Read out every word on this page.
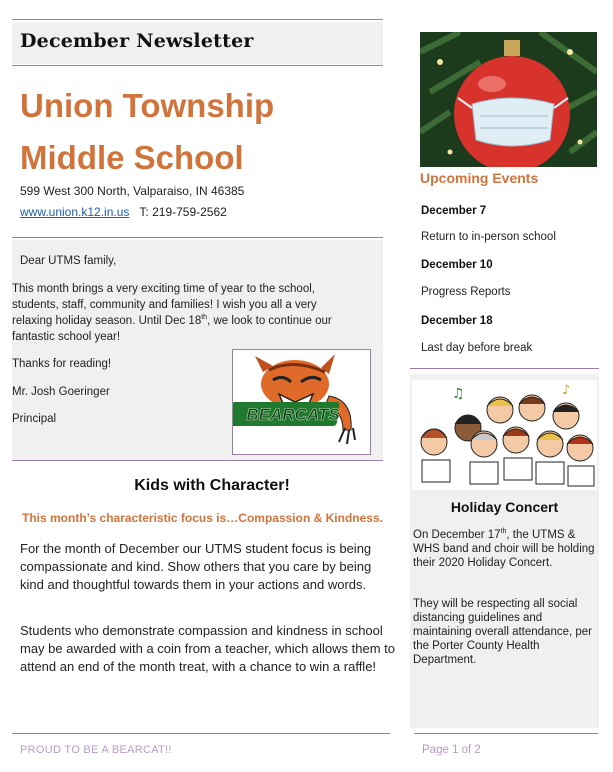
December Newsletter
Union Township
Middle School
599 West 300 North, Valparaiso, IN 46385
www.union.k12.in.us T: 219-759-2562
Dear UTMS family,
This month brings a very exciting time of year to the school,
students, staff, community and families! I wish you all a very
relaxing holiday season. Until Dec 18th, we look to continue our
fantastic school year!
Thanks for reading!
Mr. Josh Goeringer
Principal	BEARCATS
Kids with Character!
This month’s characteristic focus is…Compassion & Kindness.
For the month of December our UTMS student focus is being compassionate and kind. Show others that you care by being kind and thoughtful towards them in your actions and words.
Students who demonstrate compassion and kindness in school may be awarded with a coin from a teacher, which allows them to attend an end of the month treat, with a chance to win a raffle!
PROUD TO BE A BEARCAT!!	Page 1 of 2
Upcoming Events
December 7
Return to in-person school
December 10
Progress Reports
December 18
Last day before break
♫	♪
Holiday Concert
On December 17th, the UTMS & WHS band and choir will be holding their 2020 Holiday Concert.
They will be respecting all social distancing guidelines and maintaining overall attendance, per the Porter County Health Department.
